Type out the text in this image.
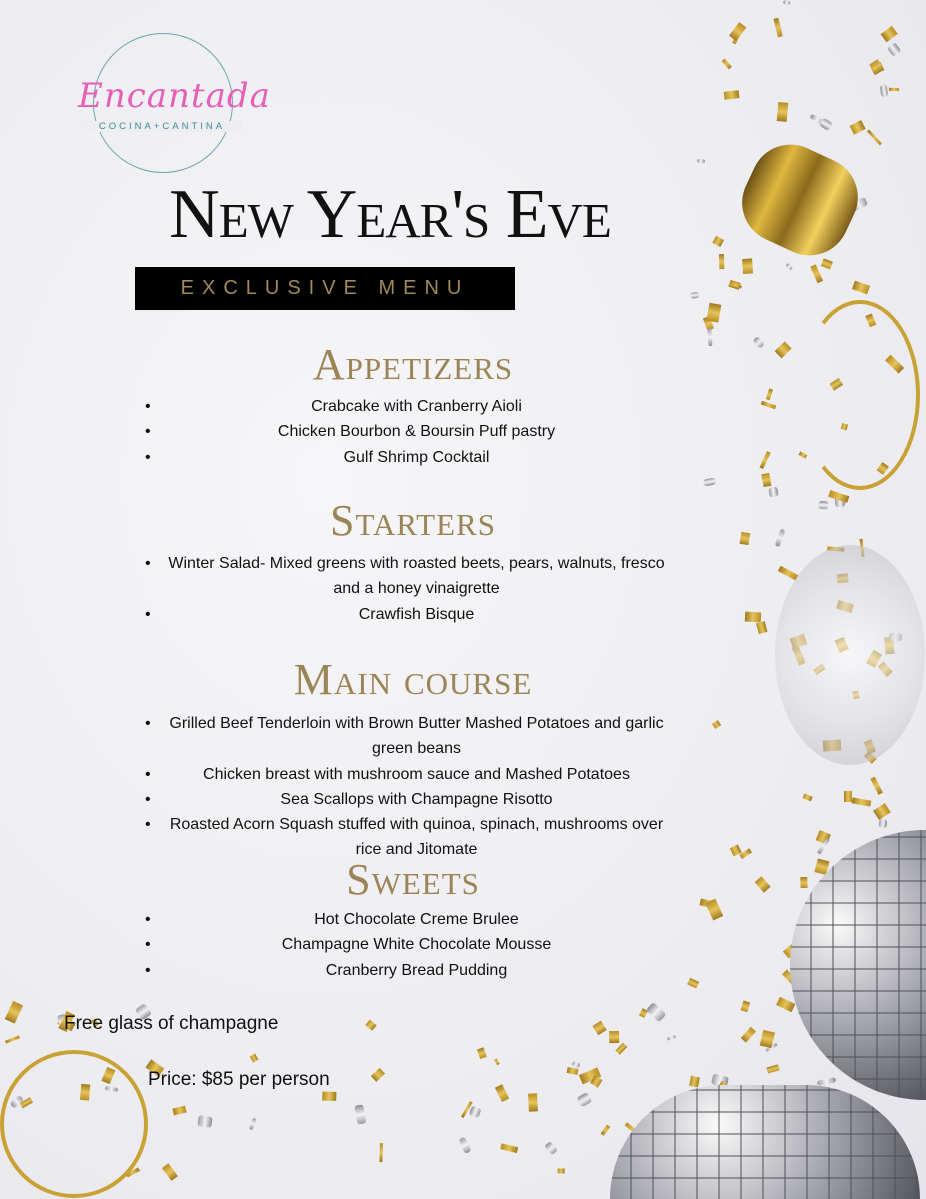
Encantada
COCINA+CANTINA
New Year's Eve
EXCLUSIVE MENU
Appetizers
•	Crabcake with Cranberry Aioli
•	Chicken Bourbon & Boursin Puff pastry
•	Gulf Shrimp Cocktail
Starters
• Winter Salad- Mixed greens with roasted beets, pears, walnuts, fresco and a honey vinaigrette
•	Crawfish Bisque
Main course
• Grilled Beef Tenderloin with Brown Butter Mashed Potatoes and garlic green beans
•	Chicken breast with mushroom sauce and Mashed Potatoes
•	Sea Scallops with Champagne Risotto
• Roasted Acorn Squash stuffed with quinoa, spinach, mushrooms over rice and Jitomate
Sweets
•	Hot Chocolate Creme Brulee
•	Champagne White Chocolate Mousse
•	Cranberry Bread Pudding
Free glass of champagne
Price: $85 per person
